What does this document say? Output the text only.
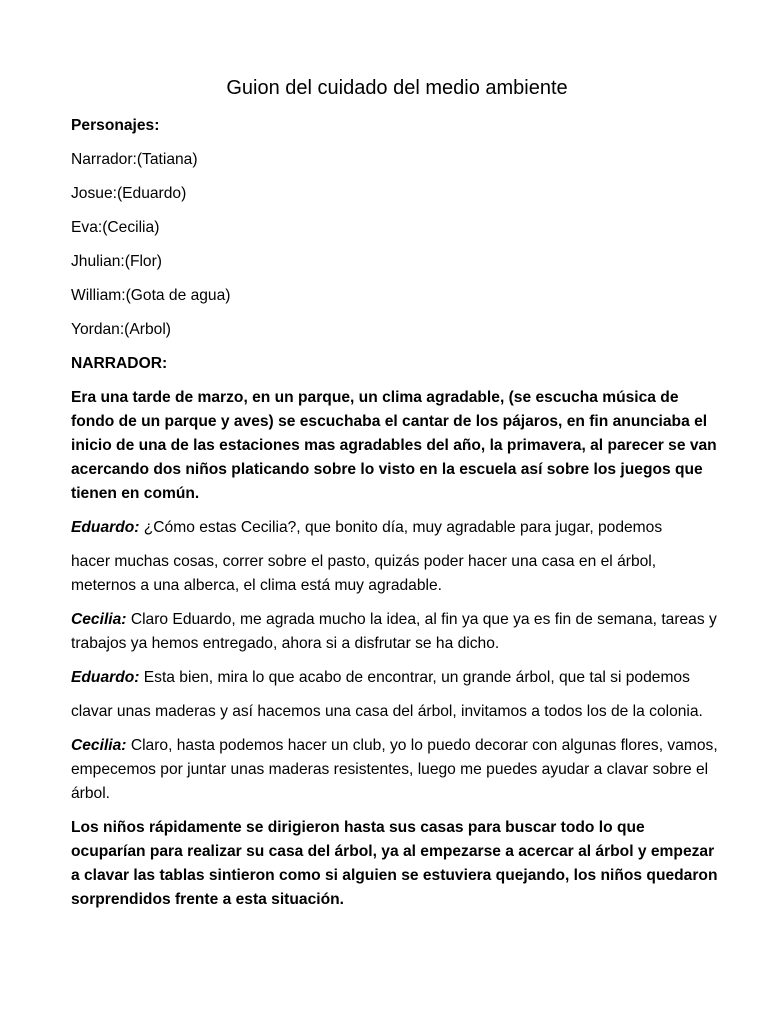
Guion del cuidado del medio ambiente

Personajes:

Narrador:(Tatiana)

Josue:(Eduardo)

Eva:(Cecilia)

Jhulian:(Flor)

William:(Gota de agua)

Yordan:(Arbol)

NARRADOR:

Era una tarde de marzo, en un parque, un clima agradable, (se escucha música de fondo de un parque y aves) se escuchaba el cantar de los pájaros, en fin anunciaba el inicio de una de las estaciones mas agradables del año, la primavera, al parecer se van acercando dos niños platicando sobre lo visto en la escuela así sobre los juegos que tienen en común.

Eduardo: ¿Cómo estas Cecilia?, que bonito día, muy agradable para jugar, podemos

hacer muchas cosas, correr sobre el pasto, quizás poder hacer una casa en el árbol, meternos a una alberca, el clima está muy agradable.

Cecilia: Claro Eduardo, me agrada mucho la idea, al fin ya que ya es fin de semana, tareas y trabajos ya hemos entregado, ahora si a disfrutar se ha dicho.

Eduardo: Esta bien, mira lo que acabo de encontrar, un grande árbol, que tal si podemos

clavar unas maderas y así hacemos una casa del árbol, invitamos a todos los de la colonia.

Cecilia: Claro, hasta podemos hacer un club, yo lo puedo decorar con algunas flores, vamos, empecemos por juntar unas maderas resistentes, luego me puedes ayudar a clavar sobre el árbol.

Los niños rápidamente se dirigieron hasta sus casas para buscar todo lo que ocuparían para realizar su casa del árbol, ya al empezarse a acercar al árbol y empezar a clavar las tablas sintieron como si alguien se estuviera quejando, los niños quedaron sorprendidos frente a esta situación.
